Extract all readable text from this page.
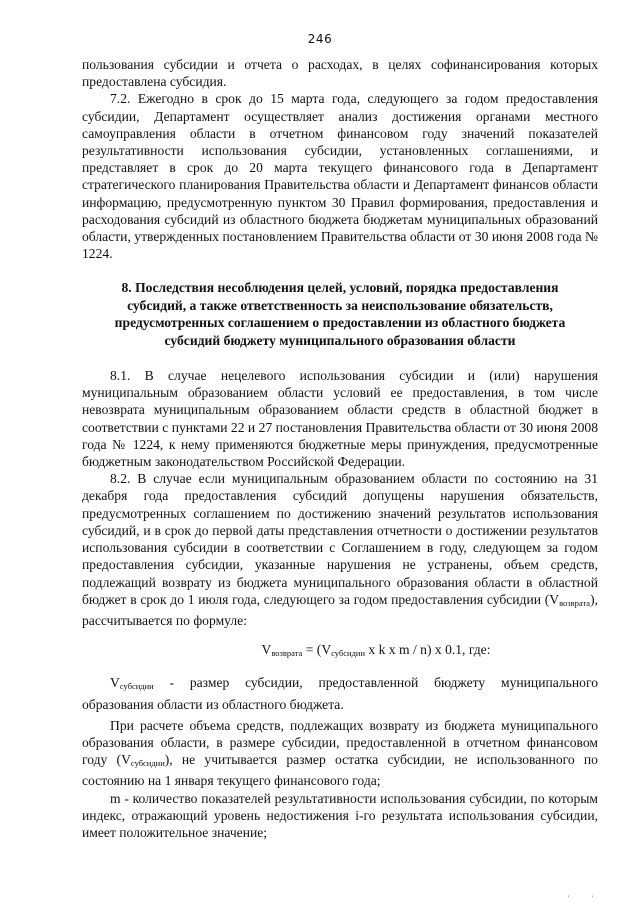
246

пользования субсидии и отчета о расходах, в целях софинансирования которых предоставлена субсидия.

7.2. Ежегодно в срок до 15 марта года, следующего за годом предоставления субсидии, Департамент осуществляет анализ достижения органами местного самоуправления области в отчетном финансовом году значений показателей результативности использования субсидии, установленных соглашениями, и представляет в срок до 20 марта текущего финансового года в Департамент стратегического планирования Правительства области и Департамент финансов области информацию, предусмотренную пунктом 30 Правил формирования, предоставления и расходования субсидий из областного бюджета бюджетам муниципальных образований области, утвержденных постановлением Правительства области от 30 июня 2008 года № 1224.

8. Последствия несоблюдения целей, условий, порядка предоставления субсидий, а также ответственность за неиспользование обязательств, предусмотренных соглашением о предоставлении из областного бюджета субсидий бюджету муниципального образования области

8.1. В случае нецелевого использования субсидии и (или) нарушения муниципальным образованием области условий ее предоставления, в том числе невозврата муниципальным образованием области средств в областной бюджет в соответствии с пунктами 22 и 27 постановления Правительства области от 30 июня 2008 года № 1224, к нему применяются бюджетные меры принуждения, предусмотренные бюджетным законодательством Российской Федерации.

8.2. В случае если муниципальным образованием области по состоянию на 31 декабря года предоставления субсидий допущены нарушения обязательств, предусмотренных соглашением по достижению значений результатов использования субсидий, и в срок до первой даты представления отчетности о достижении результатов использования субсидии в соответствии с Соглашением в году, следующем за годом предоставления субсидии, указанные нарушения не устранены, объем средств, подлежащий возврату из бюджета муниципального образования области в областной бюджет в срок до 1 июля года, следующего за годом предоставления субсидии $(V_{возврата})$, рассчитывается по формуле:

$V_{возврата} = (V_{субсидии}$ x k x m / n) x 0.1, где:

$V_{субсидии}$ - размер субсидии, предоставленной бюджету муниципального образования области из областного бюджета.

При расчете объема средств, подлежащих возврату из бюджета муниципального образования области, в размере субсидии, предоставленной в отчетном финансовом году $(V_{субсидии})$, не учитывается размер остатка субсидии, не использованного по состоянию на 1 января текущего финансового года;

m - количество показателей результативности использования субсидии, по которым индекс, отражающий уровень недостижения i-го результата использования субсидии, имеет положительное значение;

' '
